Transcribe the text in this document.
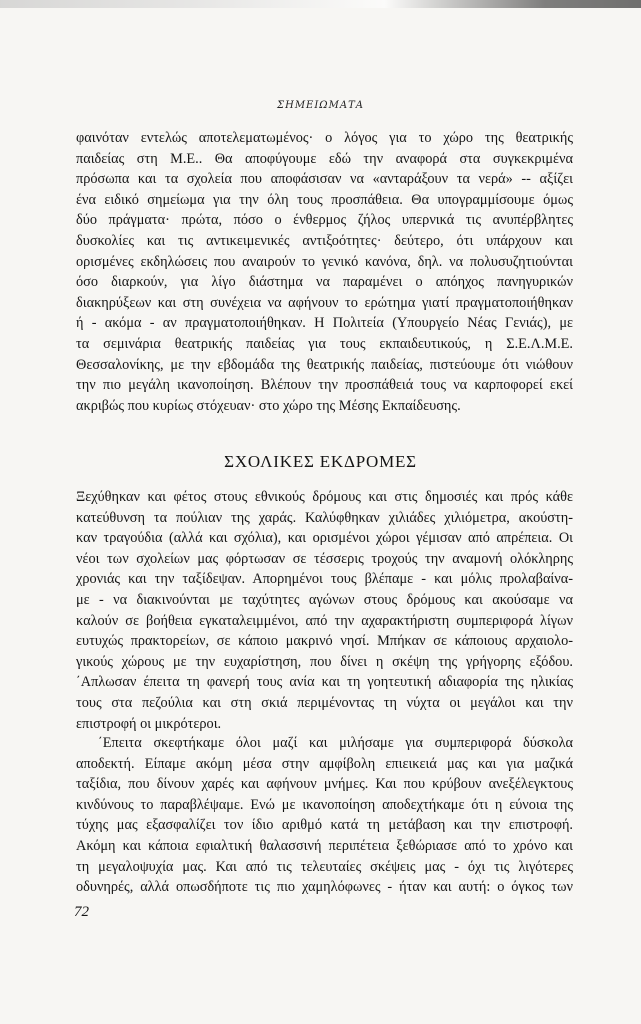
ΣΗΜΕΙΩΜΑΤΑ
φαινόταν εντελώς αποτελεματωμένος· ο λόγος για το χώρο της θεατρικής
παιδείας στη Μ.Ε.. Θα αποφύγουμε εδώ την αναφορά στα συγκεκριμένα
πρόσωπα και τα σχολεία που αποφάσισαν να «ανταράξουν τα νερά» -- αξίζει
ένα ειδικό σημείωμα για την όλη τους προσπάθεια. Θα υπογραμμίσουμε όμως
δύο πράγματα· πρώτα, πόσο ο ένθερμος ζήλος υπερνικά τις ανυπέρβλητες
δυσκολίες και τις αντικειμενικές αντιξοότητες· δεύτερο, ότι υπάρχουν και
ορισμένες εκδηλώσεις που αναιρούν το γενικό κανόνα, δηλ. να πολυσυζητιούνται
όσο διαρκούν, για λίγο διάστημα να παραμένει ο απόηχος πανηγυρικών
διακηρύξεων και στη συνέχεια να αφήνουν το ερώτημα γιατί πραγματοποιήθηκαν
ή - ακόμα - αν πραγματοποιήθηκαν. Η Πολιτεία (Υπουργείο Νέας Γενιάς), με
τα σεμινάρια θεατρικής παιδείας για τους εκπαιδευτικούς, η Σ.Ε.Λ.Μ.Ε.
Θεσσαλονίκης, με την εβδομάδα της θεατρικής παιδείας, πιστεύουμε ότι νιώθουν
την πιο μεγάλη ικανοποίηση. Βλέπουν την προσπάθειά τους να καρποφορεί εκεί
ακριβώς που κυρίως στόχευαν· στο χώρο της Μέσης Εκπαίδευσης.
ΣΧΟΛΙΚΕΣ ΕΚΔΡΟΜΕΣ
Ξεχύθηκαν και φέτος στους εθνικούς δρόμους και στις δημοσιές και πρός κάθε
κατεύθυνση τα πούλιαν της χαράς. Καλύφθηκαν χιλιάδες χιλιόμετρα, ακούστη-
καν τραγούδια (αλλά και σχόλια), και ορισμένοι χώροι γέμισαν από απρέπεια. Οι
νέοι των σχολείων μας φόρτωσαν σε τέσσερις τροχούς την αναμονή ολόκληρης
χρονιάς και την ταξίδεψαν. Απορημένοι τους βλέπαμε - και μόλις προλαβαίνα-
με - να διακινούνται με ταχύτητες αγώνων στους δρόμους και ακούσαμε να
καλούν σε βοήθεια εγκαταλειμμένοι, από την αχαρακτήριστη συμπεριφορά λίγων
ευτυχώς πρακτορείων, σε κάποιο μακρινό νησί. Μπήκαν σε κάποιους αρχαιολο-
γικούς χώρους με την ευχαρίστηση, που δίνει η σκέψη της γρήγορης εξόδου.
΄Απλωσαν έπειτα τη φανερή τους ανία και τη γοητευτική αδιαφορία της ηλικίας
τους στα πεζούλια και στη σκιά περιμένοντας τη νύχτα οι μεγάλοι και την
επιστροφή οι μικρότεροι.
΄Επειτα σκεφτήκαμε όλοι μαζί και μιλήσαμε για συμπεριφορά δύσκολα
αποδεκτή. Είπαμε ακόμη μέσα στην αμφίβολη επιεικειά μας και για μαζικά
ταξίδια, που δίνουν χαρές και αφήνουν μνήμες. Και που κρύβουν ανεξέλεγκτους
κινδύνους το παραβλέψαμε. Ενώ με ικανοποίηση αποδεχτήκαμε ότι η εύνοια της
τύχης μας εξασφαλίζει τον ίδιο αριθμό κατά τη μετάβαση και την επιστροφή.
Ακόμη και κάποια εφιαλτική θαλασσινή περιπέτεια ξεθώριασε από το χρόνο και
τη μεγαλοψυχία μας. Και από τις τελευταίες σκέψεις μας - όχι τις λιγότερες
οδυνηρές, αλλά οπωσδήποτε τις πιο χαμηλόφωνες - ήταν και αυτή: ο όγκος των
72
